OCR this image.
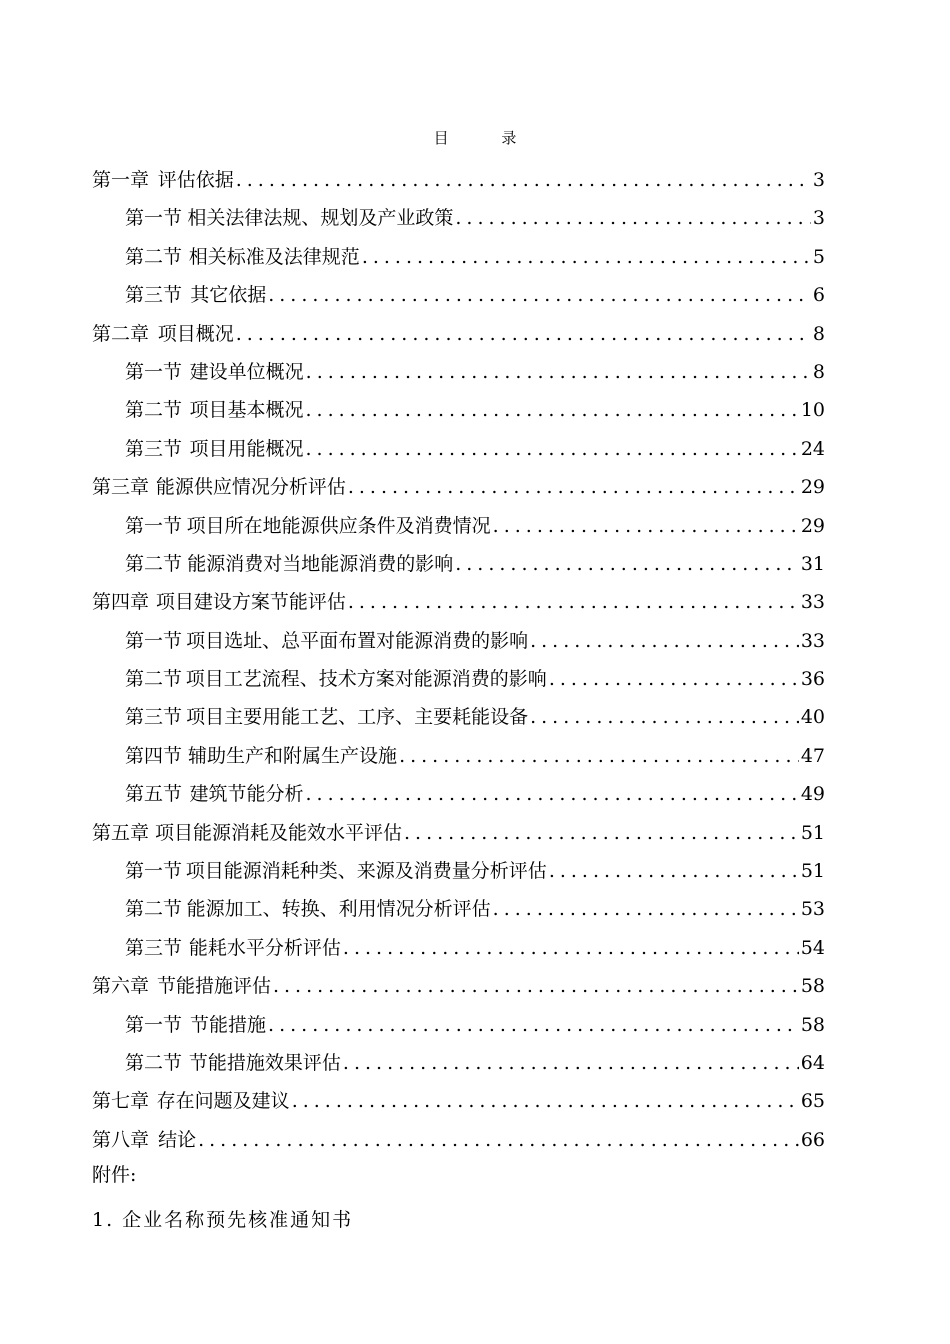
目 录
第一章 评估依据 .....	3
第一节 相关法律法规、规划及产业政策 .....	3
第二节 相关标准及法律规范 .....	5
第三节 其它依据 .....	6
第二章 项目概况 .....	8
第一节 建设单位概况 .....	8
第二节 项目基本概况 .....	10
第三节 项目用能概况 .....	24
第三章 能源供应情况分析评估 .....	29
第一节 项目所在地能源供应条件及消费情况 .....	29
第二节 能源消费对当地能源消费的影响 .....	31
第四章 项目建设方案节能评估 .....	33
第一节 项目选址、总平面布置对能源消费的影响 .....	33
第二节 项目工艺流程、技术方案对能源消费的影响 .....	36
第三节 项目主要用能工艺、工序、主要耗能设备 .....	40
第四节 辅助生产和附属生产设施 .....	47
第五节 建筑节能分析 .....	49
第五章 项目能源消耗及能效水平评估 .....	51
第一节 项目能源消耗种类、来源及消费量分析评估 .....	51
第二节 能源加工、转换、利用情况分析评估 .....	53
第三节 能耗水平分析评估 .....	54
第六章 节能措施评估 .....	58
第一节 节能措施 .....	58
第二节 节能措施效果评估 .....	64
第七章 存在问题及建议 .....	65
第八章 结论 .....	66
附件:
1. 企业名称预先核准通知书
